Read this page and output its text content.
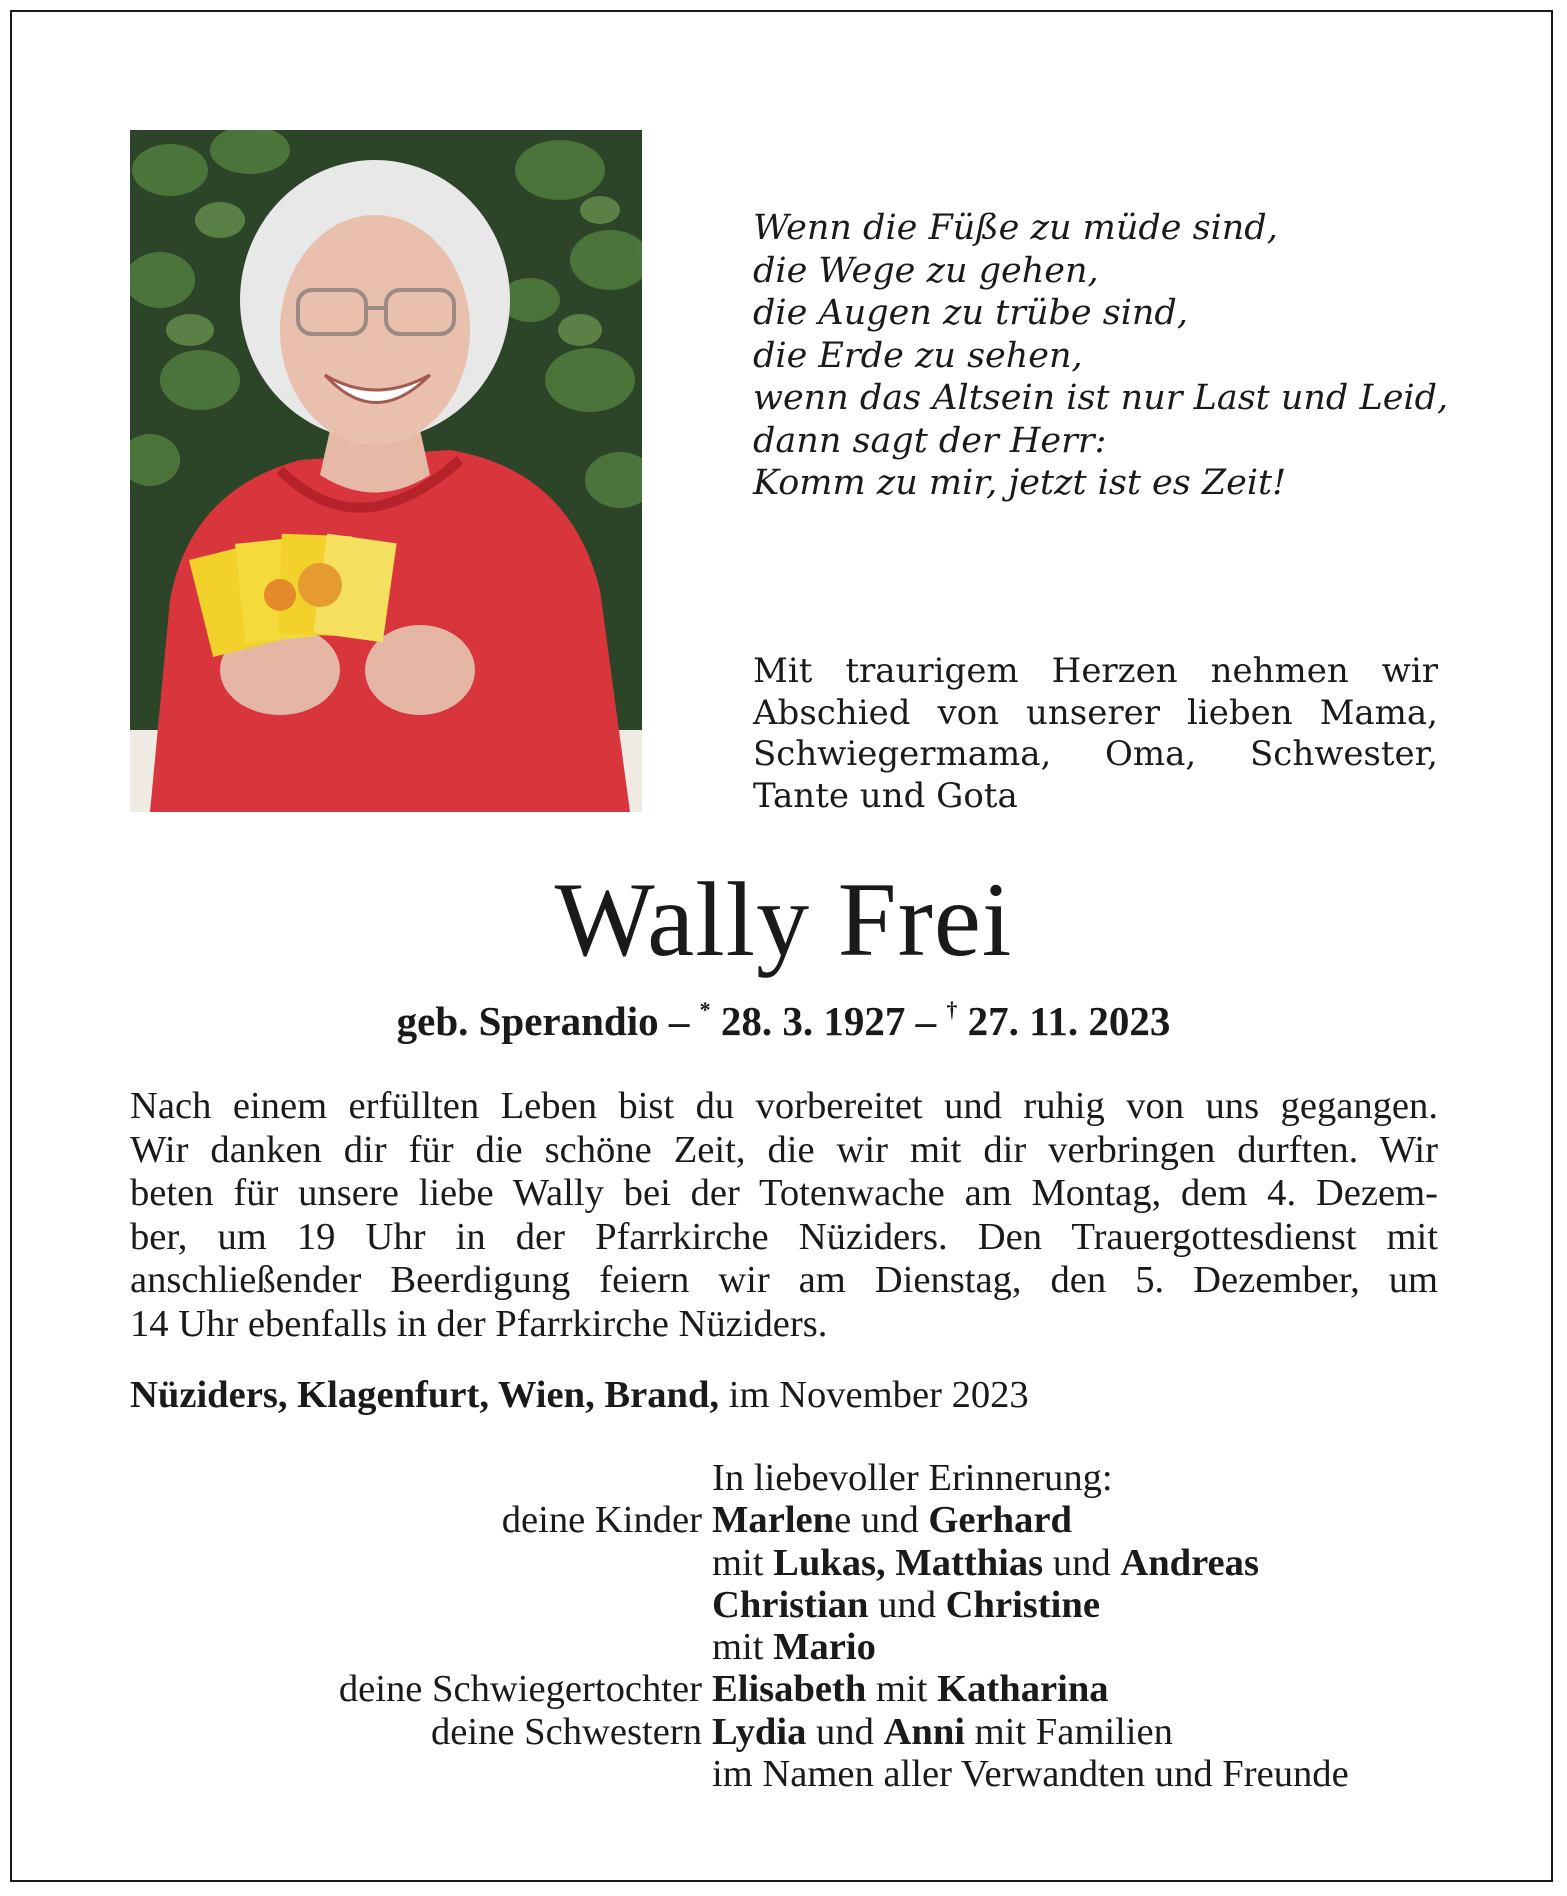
Wenn die Füße zu müde sind,
die Wege zu gehen,
die Augen zu trübe sind,
die Erde zu sehen,
wenn das Altsein ist nur Last und Leid,
dann sagt der Herr:
Komm zu mir, jetzt ist es Zeit!
Mit traurigem Herzen nehmen wir Abschied von unserer lieben Mama, Schwiegermama, Oma, Schwester, Tante und Gota
Wally Frei
geb. Sperandio – * 28. 3. 1927 – † 27. 11. 2023
Nach einem erfüllten Leben bist du vorbereitet und ruhig von uns gegangen.
Wir danken dir für die schöne Zeit, die wir mit dir verbringen durften. Wir
beten für unsere liebe Wally bei der Totenwache am Montag, dem 4. Dezem-
ber, um 19 Uhr in der Pfarrkirche Nüziders. Den Trauergottesdienst mit
anschließender Beerdigung feiern wir am Dienstag, den 5. Dezember, um
14 Uhr ebenfalls in der Pfarrkirche Nüziders.
Nüziders, Klagenfurt, Wien, Brand, im November 2023
In liebevoller Erinnerung:
deine Kinder Marlene und Gerhard
mit Lukas, Matthias und Andreas
Christian und Christine
mit Mario
deine Schwiegertochter Elisabeth mit Katharina
deine Schwestern Lydia und Anni mit Familien
im Namen aller Verwandten und Freunde
